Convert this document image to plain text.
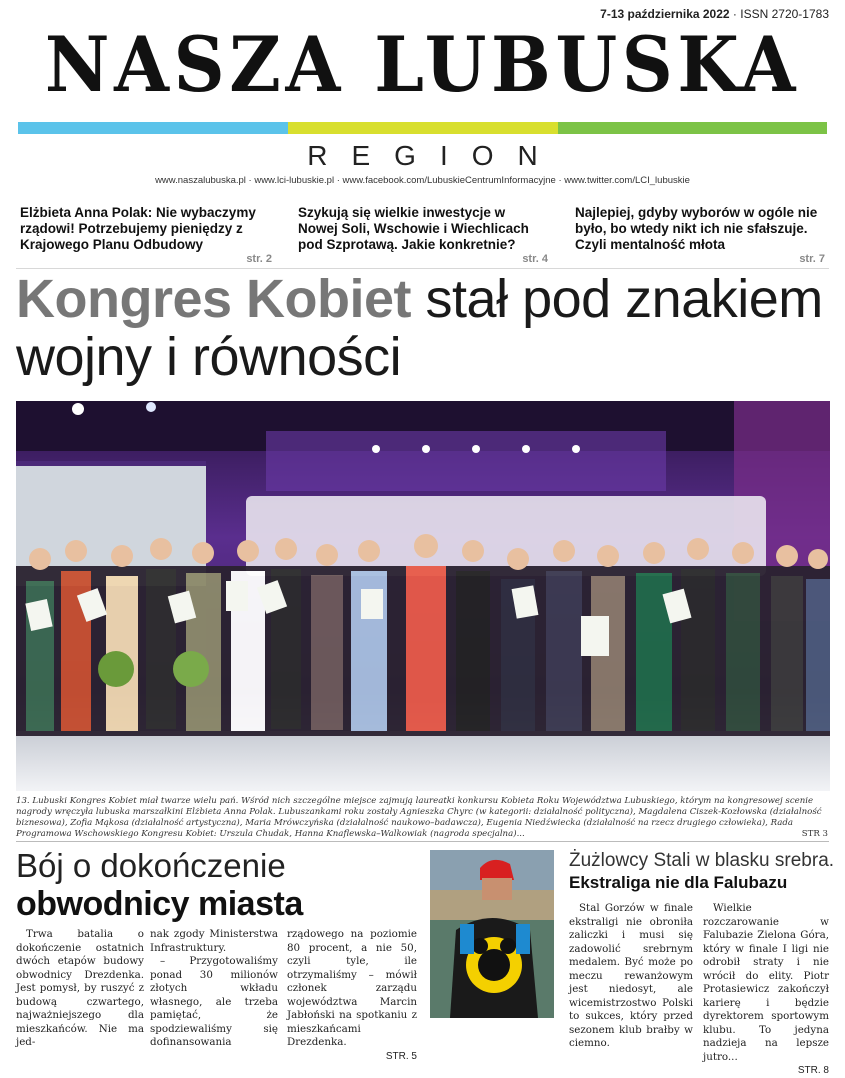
7-13 października 2022 · ISSN 2720-1783
NASZA LUBUSKA
REGION
www.naszalubuska.pl · www.lci-lubuskie.pl · www.facebook.com/LubuskieCentrumInformacyjne · www.twitter.com/LCI_lubuskie
Elżbieta Anna Polak: Nie wybaczymy rządowi! Potrzebujemy pieniędzy z Krajowego Planu Odbudowy
str. 2
Szykują się wielkie inwestycje w Nowej Soli, Wschowie i Wiechlicach pod Szprotawą. Jakie konkretnie?
str. 4
Najlepiej, gdyby wyborów w ogóle nie było, bo wtedy nikt ich nie sfałszuje. Czyli mentalność młota
str. 7
Kongres Kobiet stał pod znakiem wojny i równości
13. Lubuski Kongres Kobiet miał twarze wielu pań. Wśród nich szczególne miejsce zajmują laureatki konkursu Kobieta Roku Województwa Lubuskiego, którym na kongresowej scenie nagrody wręczyła lubuska marszałkini Elżbieta Anna Polak. Lubuszankami roku zostały Agnieszka Chyrc (w kategorii: działalność polityczna), Magdalena Ciszek-Kozłowska (działalność biznesowa), Zofia Mąkosa (działalność artystyczna), Maria Mrówczyńska (działalność naukowo–badawcza), Eugenia Niedźwiecka (działalność na rzecz drugiego człowieka), Rada Programowa Wschowskiego Kongresu Kobiet: Urszula Chudak, Hanna Knaflewska–Walkowiak (nagroda specjalna)...	STR 3
Bój o dokończenie
obwodnicy miasta

Trwa batalia o dokończenie ostatnich dwóch etapów budowy obwodnicy Drezdenka. Jest pomysł, by ruszyć z budową czwartego, najważniejszego dla mieszkańców. Nie ma jed-

nak zgody Ministerstwa Infrastruktury.

– Przygotowaliśmy ponad 30 milionów złotych wkładu własnego, ale trzeba pamiętać, że spodziewaliśmy się dofinansowania

rządowego na poziomie 80 procent, a nie 50, czyli tyle, ile otrzymaliśmy – mówił członek zarządu województwa Marcin Jabłoński na spotkaniu z mieszkańcami Drezdenka.

STR. 5
Żużlowcy Stali w blasku srebra.
Ekstraliga nie dla Falubazu

Stal Gorzów w finale ekstraligi nie obroniła zaliczki i musi się zadowolić srebrnym medalem. Być może po meczu rewanżowym jest niedosyt, ale wicemistrzostwo Polski to sukces, który przed sezonem klub brałby w ciemno.

Wielkie rozczarowanie w Falubazie Zielona Góra, który w finale I ligi nie odrobił straty i nie wrócił do elity. Piotr Protasiewicz zakończył karierę i będzie dyrektorem sportowym klubu. To jedyna nadzieja na lepsze jutro...

STR. 8
